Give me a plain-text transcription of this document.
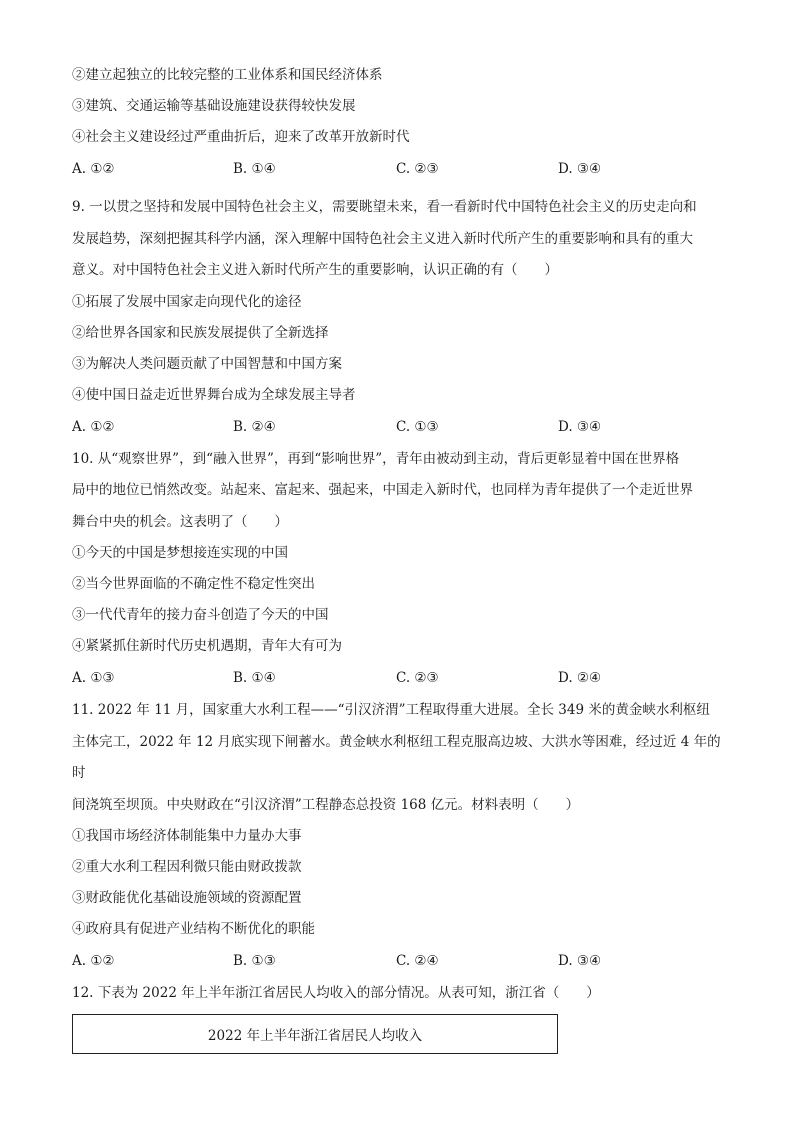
②建立起独立的比较完整的工业体系和国民经济体系
③建筑、交通运输等基础设施建设获得较快发展
④社会主义建设经过严重曲折后，迎来了改革开放新时代
A. ①②	B. ①④	C. ②③	D. ③④
9. 一以贯之坚持和发展中国特色社会主义，需要眺望未来，看一看新时代中国特色社会主义的历史走向和
发展趋势，深刻把握其科学内涵，深入理解中国特色社会主义进入新时代所产生的重要影响和具有的重大
意义。对中国特色社会主义进入新时代所产生的重要影响，认识正确的有（　　）
①拓展了发展中国家走向现代化的途径
②给世界各国家和民族发展提供了全新选择
③为解决人类问题贡献了中国智慧和中国方案
④使中国日益走近世界舞台成为全球发展主导者
A. ①②	B. ②④	C. ①③	D. ③④
10. 从“观察世界”，到“融入世界”，再到“影响世界”，青年由被动到主动，背后更彰显着中国在世界格
局中的地位已悄然改变。站起来、富起来、强起来，中国走入新时代，也同样为青年提供了一个走近世界
舞台中央的机会。这表明了（　　）
①今天的中国是梦想接连实现的中国
②当今世界面临的不确定性不稳定性突出
③一代代青年的接力奋斗创造了今天的中国
④紧紧抓住新时代历史机遇期，青年大有可为
A. ①③	B. ①④	C. ②③	D. ②④
11. 2022 年 11 月，国家重大水利工程——“引汉济渭”工程取得重大进展。全长 349 米的黄金峡水利枢纽
主体完工，2022 年 12 月底实现下闸蓄水。黄金峡水利枢纽工程克服高边坡、大洪水等困难，经过近 4 年的时
间浇筑至坝顶。中央财政在“引汉济渭”工程静态总投资 168 亿元。材料表明（　　）
①我国市场经济体制能集中力量办大事
②重大水利工程因利微只能由财政拨款
③财政能优化基础设施领域的资源配置
④政府具有促进产业结构不断优化的职能
A. ①②	B. ①③	C. ②④	D. ③④
12. 下表为 2022 年上半年浙江省居民人均收入的部分情况。从表可知，浙江省（　　）
2022 年上半年浙江省居民人均收入
